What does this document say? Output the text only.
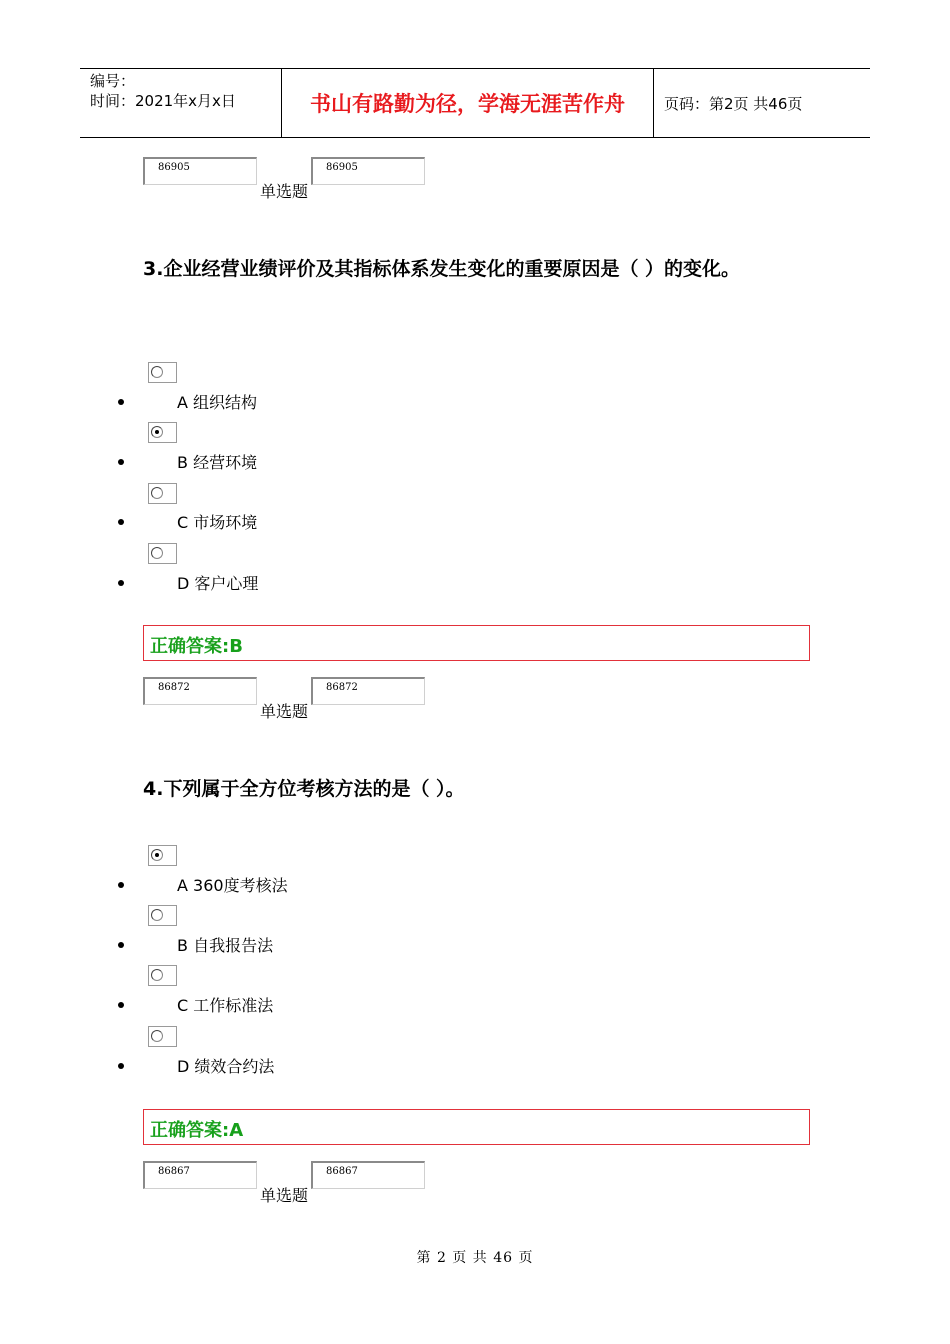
编号：
时间：2021年x月x日	书山有路勤为径，学海无涯苦作舟	页码：第2页 共46页
86905
单选题
86905
3.企业经营业绩评价及其指标体系发生变化的重要原因是（ ）的变化。
A 组织结构
B 经营环境
C 市场环境
D 客户心理
正确答案:B
86872
单选题
86872
4.下列属于全方位考核方法的是（ ）。
A 360度考核法
B 自我报告法
C 工作标准法
D 绩效合约法
正确答案:A
86867
单选题
86867
第 2 页 共 46 页
